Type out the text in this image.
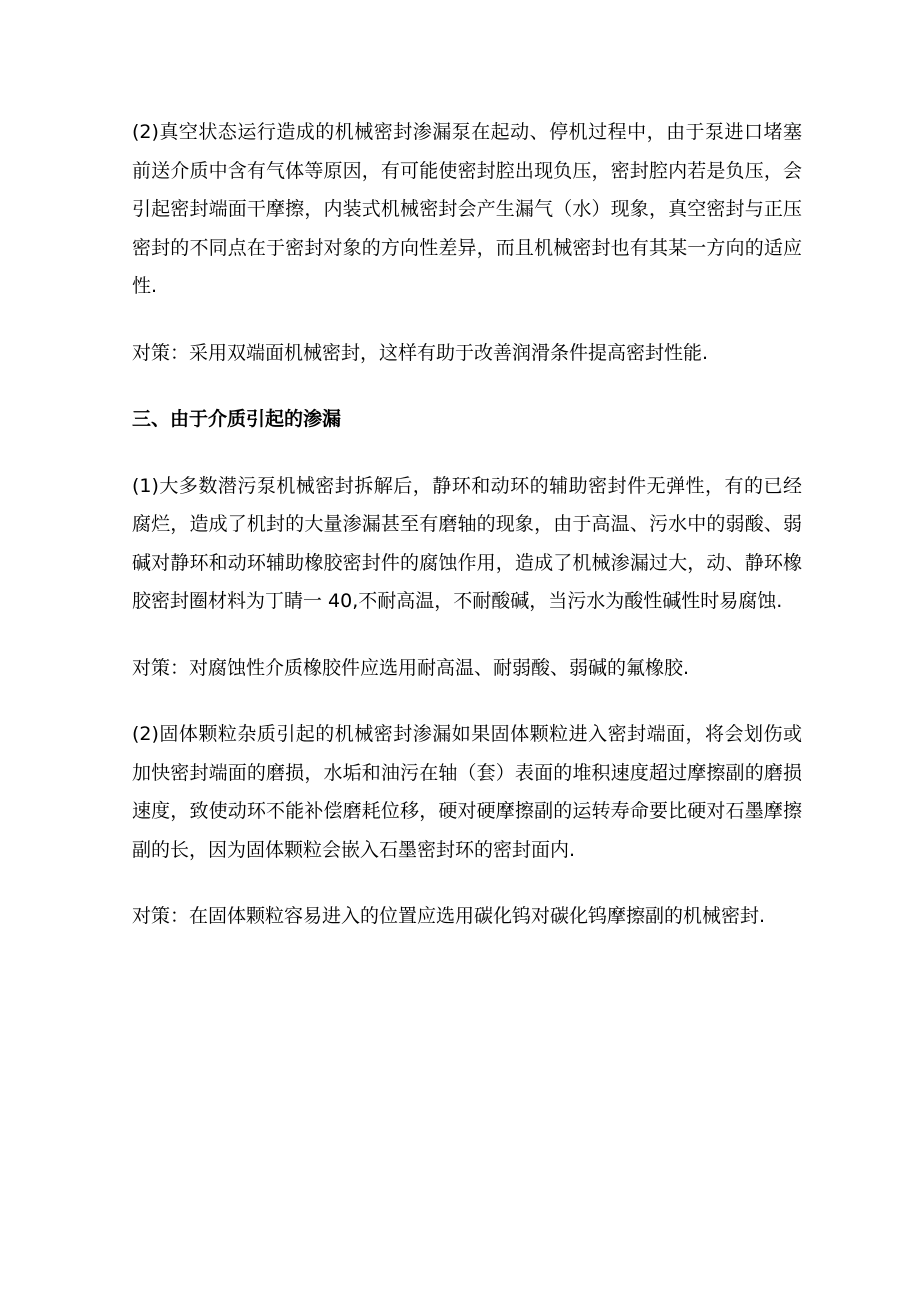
(2)真空状态运行造成的机械密封渗漏泵在起动、停机过程中，由于泵进口堵塞前送介质中含有气体等原因，有可能使密封腔出现负压，密封腔内若是负压，会引起密封端面干摩擦，内装式机械密封会产生漏气（水）现象，真空密封与正压密封的不同点在于密封对象的方向性差异，而且机械密封也有其某一方向的适应性.

对策：采用双端面机械密封，这样有助于改善润滑条件提高密封性能.

三、由于介质引起的渗漏

(1)大多数潜污泵机械密封拆解后，静环和动环的辅助密封件无弹性，有的已经腐烂，造成了机封的大量渗漏甚至有磨轴的现象，由于高温、污水中的弱酸、弱碱对静环和动环辅助橡胶密封件的腐蚀作用，造成了机械渗漏过大，动、静环橡胶密封圈材料为丁睛一 40,不耐高温，不耐酸碱，当污水为酸性碱性时易腐蚀.

对策：对腐蚀性介质橡胶件应选用耐高温、耐弱酸、弱碱的氟橡胶.

(2)固体颗粒杂质引起的机械密封渗漏如果固体颗粒进入密封端面，将会划伤或加快密封端面的磨损，水垢和油污在轴（套）表面的堆积速度超过摩擦副的磨损速度，致使动环不能补偿磨耗位移，硬对硬摩擦副的运转寿命要比硬对石墨摩擦副的长，因为固体颗粒会嵌入石墨密封环的密封面内.

对策：在固体颗粒容易进入的位置应选用碳化钨对碳化钨摩擦副的机械密封.
